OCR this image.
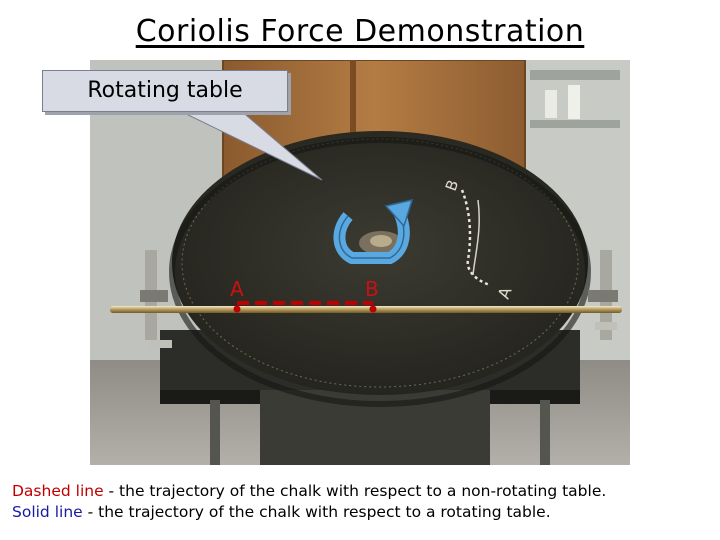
Coriolis Force Demonstration
B
A
A	B
Rotating table
Dashed line - the trajectory of the chalk with respect to a non-rotating table.
Solid line - the trajectory of the chalk with respect to a rotating table.
